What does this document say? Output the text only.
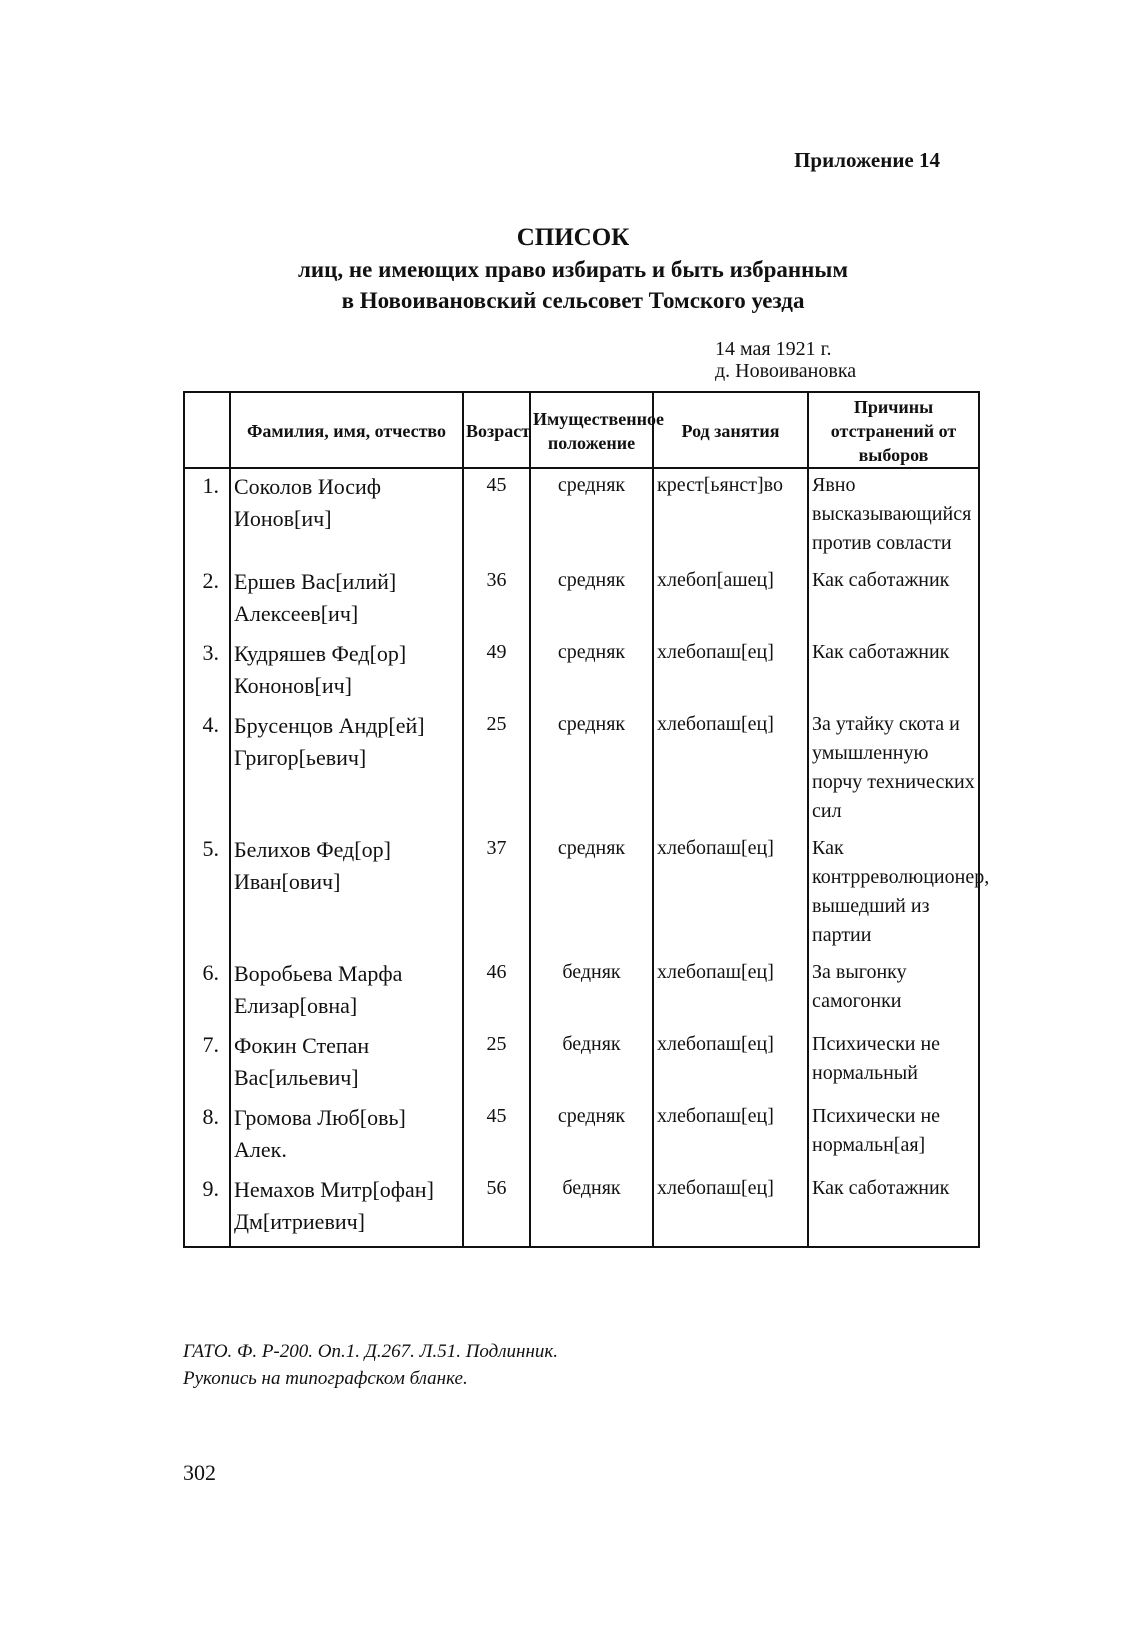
Приложение 14
СПИСОК
лиц, не имеющих право избирать и быть избранным
в Новоивановский сельсовет Томского уезда
14 мая 1921 г.
д. Новоивановка
	Фамилия, имя, отчество	Возраст	Имущественное положение	Род занятия	Причины отстранений от выборов
1.	Соколов Иосиф Ионов[ич]	45	средняк	крест[ьянст]во	Явно высказывающийся против совласти
2.	Ершев Вас[илий] Алексеев[ич]	36	средняк	хлебоп[ашец]	Как саботажник
3.	Кудряшев Фед[ор] Кононов[ич]	49	средняк	хлебопаш[ец]	Как саботажник
4.	Брусенцов Андр[ей] Григор[ьевич]	25	средняк	хлебопаш[ец]	За утайку скота и умышленную порчу технических сил
5.	Белихов Фед[ор] Иван[ович]	37	средняк	хлебопаш[ец]	Как контрреволюционер, вышедший из партии
6.	Воробьева Марфа Елизар[овна]	46	бедняк	хлебопаш[ец]	За выгонку самогонки
7.	Фокин Степан Вас[ильевич]	25	бедняк	хлебопаш[ец]	Психически не нормальный
8.	Громова Люб[овь] Алек.	45	средняк	хлебопаш[ец]	Психически не нормальн[ая]
9.	Немахов Митр[офан] Дм[итриевич]	56	бедняк	хлебопаш[ец]	Как саботажник
ГАТО. Ф. Р-200. Оп.1. Д.267. Л.51. Подлинник.
Рукопись на типографском бланке.
302
